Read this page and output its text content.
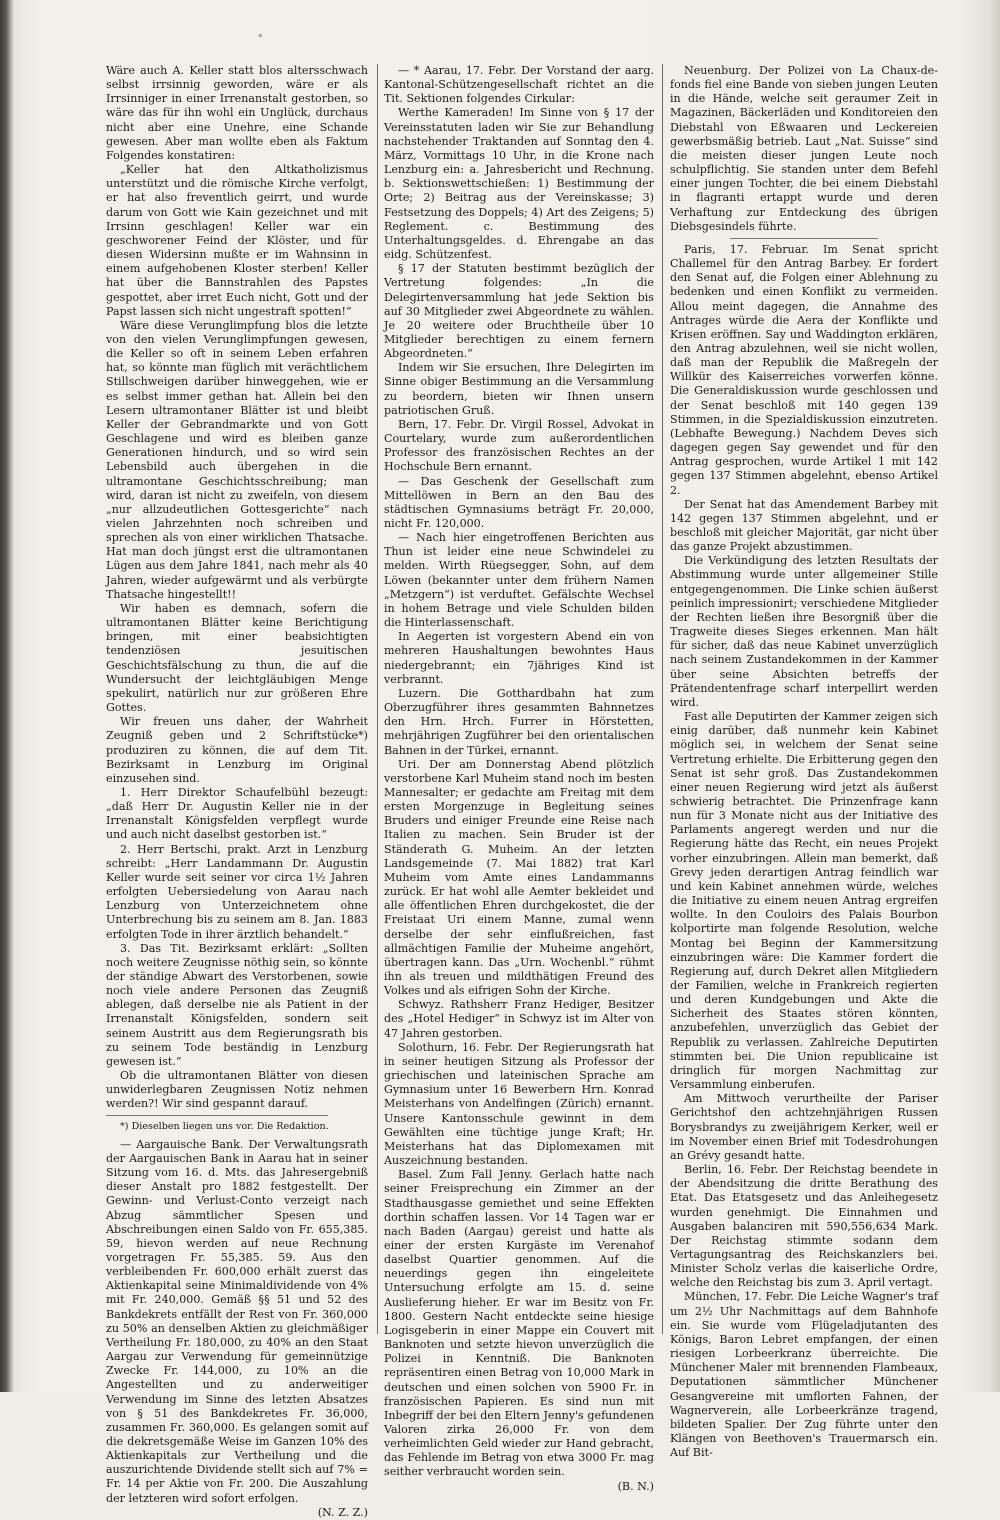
°

Wäre auch A. Keller statt blos altersschwach selbst irrsinnig geworden, wäre er als Irrsinniger in einer Irrenanstalt gestorben, so wäre das für ihn wohl ein Unglück, durchaus nicht aber eine Unehre, eine Schande gewesen. Aber man wollte eben als Faktum Folgendes konstatiren:

„Keller hat den Altkatholizismus unterstützt und die römische Kirche verfolgt, er hat also freventlich geirrt, und wurde darum von Gott wie Kain gezeichnet und mit Irrsinn geschlagen! Keller war ein geschworener Feind der Klöster, und für diesen Widersinn mußte er im Wahnsinn in einem aufgehobenen Kloster sterben! Keller hat über die Bannstrahlen des Papstes gespottet, aber irret Euch nicht, Gott und der Papst lassen sich nicht ungestraft spotten!“

Wäre diese Verunglimpfung blos die letzte von den vielen Verunglimpfungen gewesen, die Keller so oft in seinem Leben erfahren hat, so könnte man füglich mit verächtlichem Stillschweigen darüber hinweggehen, wie er es selbst immer gethan hat. Allein bei den Lesern ultramontaner Blätter ist und bleibt Keller der Gebrandmarkte und von Gott Geschlagene und wird es bleiben ganze Generationen hindurch, und so wird sein Lebensbild auch übergehen in die ultramontane Geschichtsschreibung; man wird, daran ist nicht zu zweifeln, von diesem „nur allzudeutlichen Gottesgerichte“ nach vielen Jahrzehnten noch schreiben und sprechen als von einer wirklichen Thatsache. Hat man doch jüngst erst die ultramontanen Lügen aus dem Jahre 1841, nach mehr als 40 Jahren, wieder aufgewärmt und als verbürgte Thatsache hingestellt!!

Wir haben es demnach, sofern die ultramontanen Blätter keine Berichtigung bringen, mit einer beabsichtigten tendenziösen jesuitischen Geschichtsfälschung zu thun, die auf die Wundersucht der leichtgläubigen Menge spekulirt, natürlich nur zur größeren Ehre Gottes.

Wir freuen uns daher, der Wahrheit Zeugniß geben und 2 Schriftstücke*) produziren zu können, die auf dem Tit. Bezirksamt in Lenzburg im Original einzusehen sind.

1. Herr Direktor Schaufelbühl bezeugt: „daß Herr Dr. Augustin Keller nie in der Irrenanstalt Königsfelden verpflegt wurde und auch nicht daselbst gestorben ist.“

2. Herr Bertschi, prakt. Arzt in Lenzburg schreibt: „Herr Landammann Dr. Augustin Keller wurde seit seiner vor circa 1½ Jahren erfolgten Uebersiedelung von Aarau nach Lenzburg von Unterzeichnetem ohne Unterbrechung bis zu seinem am 8. Jan. 1883 erfolgten Tode in ihrer ärztlich behandelt.“

3. Das Tit. Bezirksamt erklärt: „Sollten noch weitere Zeugnisse nöthig sein, so könnte der ständige Abwart des Verstorbenen, sowie noch viele andere Personen das Zeugniß ablegen, daß derselbe nie als Patient in der Irrenanstalt Königsfelden, sondern seit seinem Austritt aus dem Regierungsrath bis zu seinem Tode beständig in Lenzburg gewesen ist.“

Ob die ultramontanen Blätter von diesen unwiderlegbaren Zeugnissen Notiz nehmen werden?! Wir sind gespannt darauf.

*) Dieselben liegen uns vor. Die Redaktion.

— Aargauische Bank. Der Verwaltungsrath der Aargauischen Bank in Aarau hat in seiner Sitzung vom 16. d. Mts. das Jahresergebniß dieser Anstalt pro 1882 festgestellt. Der Gewinn- und Verlust-Conto verzeigt nach Abzug sämmtlicher Spesen und Abschreibungen einen Saldo von Fr. 655,385. 59, hievon werden auf neue Rechnung vorgetragen Fr. 55,385. 59. Aus den verbleibenden Fr. 600,000 erhält zuerst das Aktienkapital seine Minimaldividende von 4% mit Fr. 240,000. Gemäß §§ 51 und 52 des Bankdekrets entfällt der Rest von Fr. 360,000 zu 50% an denselben Aktien zu gleichmäßiger Vertheilung Fr. 180,000, zu 40% an den Staat Aargau zur Verwendung für gemeinnützige Zwecke Fr. 144,000, zu 10% an die Angestellten und zu anderweitiger Verwendung im Sinne des letzten Absatzes von § 51 des Bankdekretes Fr. 36,000, zusammen Fr. 360,000. Es gelangen somit auf die dekretsgemäße Weise im Ganzen 10% des Aktienkapitals zur Vertheilung und die auszurichtende Dividende stellt sich auf 7% = Fr. 14 per Aktie von Fr. 200. Die Auszahlung der letzteren wird sofort erfolgen.

(N. Z. Z.)

— * Aarau, 17. Febr. Der Vorstand der aarg. Kantonal-Schützengesellschaft richtet an die Tit. Sektionen folgendes Cirkular:

Werthe Kameraden! Im Sinne von § 17 der Vereinsstatuten laden wir Sie zur Behandlung nachstehender Traktanden auf Sonntag den 4. März, Vormittags 10 Uhr, in die Krone nach Lenzburg ein: a. Jahresbericht und Rechnung. b. Sektionswettschießen: 1) Bestimmung der Orte; 2) Beitrag aus der Vereinskasse; 3) Festsetzung des Doppels; 4) Art des Zeigens; 5) Reglement. c. Bestimmung des Unterhaltungsgeldes. d. Ehrengabe an das eidg. Schützenfest.

§ 17 der Statuten bestimmt bezüglich der Vertretung folgendes: „In die Delegirtenversammlung hat jede Sektion bis auf 30 Mitglieder zwei Abgeordnete zu wählen. Je 20 weitere oder Bruchtheile über 10 Mitglieder berechtigen zu einem fernern Abgeordneten.“

Indem wir Sie ersuchen, Ihre Delegirten im Sinne obiger Bestimmung an die Versammlung zu beordern, bieten wir Ihnen unsern patriotischen Gruß.

Bern, 17. Febr. Dr. Virgil Rossel, Advokat in Courtelary, wurde zum außerordentlichen Professor des französischen Rechtes an der Hochschule Bern ernannt.

— Das Geschenk der Gesellschaft zum Mittellöwen in Bern an den Bau des städtischen Gymnasiums beträgt Fr. 20,000, nicht Fr. 120,000.

— Nach hier eingetroffenen Berichten aus Thun ist leider eine neue Schwindelei zu melden. Wirth Rüegsegger, Sohn, auf dem Löwen (bekannter unter dem frühern Namen „Metzgern“) ist verduftet. Gefälschte Wechsel in hohem Betrage und viele Schulden bilden die Hinterlassenschaft.

In Aegerten ist vorgestern Abend ein von mehreren Haushaltungen bewohntes Haus niedergebrannt; ein 7jähriges Kind ist verbrannt.

Luzern. Die Gotthardbahn hat zum Oberzugführer ihres gesammten Bahnnetzes den Hrn. Hrch. Furrer in Hörstetten, mehrjährigen Zugführer bei den orientalischen Bahnen in der Türkei, ernannt.

Uri. Der am Donnerstag Abend plötzlich verstorbene Karl Muheim stand noch im besten Mannesalter; er gedachte am Freitag mit dem ersten Morgenzuge in Begleitung seines Bruders und einiger Freunde eine Reise nach Italien zu machen. Sein Bruder ist der Ständerath G. Muheim. An der letzten Landsgemeinde (7. Mai 1882) trat Karl Muheim vom Amte eines Landammanns zurück. Er hat wohl alle Aemter bekleidet und alle öffentlichen Ehren durchgekostet, die der Freistaat Uri einem Manne, zumal wenn derselbe der sehr einflußreichen, fast allmächtigen Familie der Muheime angehört, übertragen kann. Das „Urn. Wochenbl.“ rühmt ihn als treuen und mildthätigen Freund des Volkes und als eifrigen Sohn der Kirche.

Schwyz. Rathsherr Franz Hediger, Besitzer des „Hotel Hediger“ in Schwyz ist im Alter von 47 Jahren gestorben.

Solothurn, 16. Febr. Der Regierungsrath hat in seiner heutigen Sitzung als Professor der griechischen und lateinischen Sprache am Gymnasium unter 16 Bewerbern Hrn. Konrad Meisterhans von Andelfingen (Zürich) ernannt. Unsere Kantonsschule gewinnt in dem Gewählten eine tüchtige junge Kraft; Hr. Meisterhans hat das Diplomexamen mit Auszeichnung bestanden.

Basel. Zum Fall Jenny. Gerlach hatte nach seiner Freisprechung ein Zimmer an der Stadthausgasse gemiethet und seine Effekten dorthin schaffen lassen. Vor 14 Tagen war er nach Baden (Aargau) gereist und hatte als einer der ersten Kurgäste im Verenahof daselbst Quartier genommen. Auf die neuerdings gegen ihn eingeleitete Untersuchung erfolgte am 15. d. seine Auslieferung hieher. Er war im Besitz von Fr. 1800. Gestern Nacht entdeckte seine hiesige Logisgeberin in einer Mappe ein Couvert mit Banknoten und setzte hievon unverzüglich die Polizei in Kenntniß. Die Banknoten repräsentiren einen Betrag von 10,000 Mark in deutschen und einen solchen von 5900 Fr. in französischen Papieren. Es sind nun mit Inbegriff der bei den Eltern Jenny's gefundenen Valoren zirka 26,000 Fr. von dem verheimlichten Geld wieder zur Hand gebracht, das Fehlende im Betrag von etwa 3000 Fr. mag seither verbraucht worden sein.

(B. N.)

Neuenburg. Der Polizei von La Chaux-de-fonds fiel eine Bande von sieben jungen Leuten in die Hände, welche seit geraumer Zeit in Magazinen, Bäckerläden und Konditoreien den Diebstahl von Eßwaaren und Leckereien gewerbsmäßig betrieb. Laut „Nat. Suisse“ sind die meisten dieser jungen Leute noch schulpflichtig. Sie standen unter dem Befehl einer jungen Tochter, die bei einem Diebstahl in flagranti ertappt wurde und deren Verhaftung zur Entdeckung des übrigen Diebsgesindels führte.

Paris, 17. Februar. Im Senat spricht Challemel für den Antrag Barbey. Er fordert den Senat auf, die Folgen einer Ablehnung zu bedenken und einen Konflikt zu vermeiden. Allou meint dagegen, die Annahme des Antrages würde die Aera der Konflikte und Krisen eröffnen. Say und Waddington erklären, den Antrag abzulehnen, weil sie nicht wollen, daß man der Republik die Maßregeln der Willkür des Kaiserreiches vorwerfen könne. Die Generaldiskussion wurde geschlossen und der Senat beschloß mit 140 gegen 139 Stimmen, in die Spezialdiskussion einzutreten. (Lebhafte Bewegung.) Nachdem Deves sich dagegen gegen Say gewendet und für den Antrag gesprochen, wurde Artikel 1 mit 142 gegen 137 Stimmen abgelehnt, ebenso Artikel 2.

Der Senat hat das Amendement Barbey mit 142 gegen 137 Stimmen abgelehnt, und er beschloß mit gleicher Majorität, gar nicht über das ganze Projekt abzustimmen.

Die Verkündigung des letzten Resultats der Abstimmung wurde unter allgemeiner Stille entgegengenommen. Die Linke schien äußerst peinlich impressionirt; verschiedene Mitglieder der Rechten ließen ihre Besorgniß über die Tragweite dieses Sieges erkennen. Man hält für sicher, daß das neue Kabinet unverzüglich nach seinem Zustandekommen in der Kammer über seine Absichten betreffs der Prätendentenfrage scharf interpellirt werden wird.

Fast alle Deputirten der Kammer zeigen sich einig darüber, daß nunmehr kein Kabinet möglich sei, in welchem der Senat seine Vertretung erhielte. Die Erbitterung gegen den Senat ist sehr groß. Das Zustandekommen einer neuen Regierung wird jetzt als äußerst schwierig betrachtet. Die Prinzenfrage kann nun für 3 Monate nicht aus der Initiative des Parlaments angeregt werden und nur die Regierung hätte das Recht, ein neues Projekt vorher einzubringen. Allein man bemerkt, daß Grevy jeden derartigen Antrag feindlich war und kein Kabinet annehmen würde, welches die Initiative zu einem neuen Antrag ergreifen wollte. In den Couloirs des Palais Bourbon kolportirte man folgende Resolution, welche Montag bei Beginn der Kammersitzung einzubringen wäre: Die Kammer fordert die Regierung auf, durch Dekret allen Mitgliedern der Familien, welche in Frankreich regierten und deren Kundgebungen und Akte die Sicherheit des Staates stören könnten, anzubefehlen, unverzüglich das Gebiet der Republik zu verlassen. Zahlreiche Deputirten stimmten bei. Die Union republicaine ist dringlich für morgen Nachmittag zur Versammlung einberufen.

Am Mittwoch verurtheilte der Pariser Gerichtshof den achtzehnjährigen Russen Borysbrandys zu zweijährigem Kerker, weil er im November einen Brief mit Todesdrohungen an Grévy gesandt hatte.

Berlin, 16. Febr. Der Reichstag beendete in der Abendsitzung die dritte Berathung des Etat. Das Etatsgesetz und das Anleihegesetz wurden genehmigt. Die Einnahmen und Ausgaben balanciren mit 590,556,634 Mark. Der Reichstag stimmte sodann dem Vertagungsantrag des Reichskanzlers bei. Minister Scholz verlas die kaiserliche Ordre, welche den Reichstag bis zum 3. April vertagt.

München, 17. Febr. Die Leiche Wagner's traf um 2½ Uhr Nachmittags auf dem Bahnhofe ein. Sie wurde vom Flügeladjutanten des Königs, Baron Lebret empfangen, der einen riesigen Lorbeerkranz überreichte. Die Münchener Maler mit brennenden Flambeaux, Deputationen sämmtlicher Münchener Gesangvereine mit umflorten Fahnen, der Wagnerverein, alle Lorbeerkränze tragend, bildeten Spalier. Der Zug führte unter den Klängen von Beethoven's Trauermarsch ein. Auf Bit-
